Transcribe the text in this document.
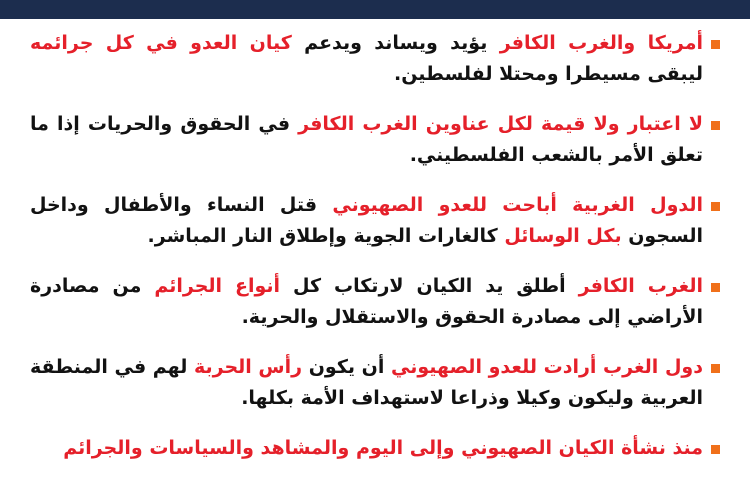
أمريكا والغرب الكافر يؤيد ويساند ويدعم كيان العدو في كل جرائمه ليبقى مسيطرا ومحتلا لفلسطين.
لا اعتبار ولا قيمة لكل عناوين الغرب الكافر في الحقوق والحريات إذا ما تعلق الأمر بالشعب الفلسطيني.
الدول الغربية أباحت للعدو الصهيوني قتل النساء والأطفال وداخل السجون بكل الوسائل كالغارات الجوية وإطلاق النار المباشر.
الغرب الكافر أطلق يد الكيان لارتكاب كل أنواع الجرائم من مصادرة الأراضي إلى مصادرة الحقوق والاستقلال والحرية.
دول الغرب أرادت للعدو الصهيوني أن يكون رأس الحربة لهم في المنطقة العربية وليكون وكيلا وذراعا لاستهداف الأمة بكلها.
منذ نشأة الكيان الصهيوني وإلى اليوم والمشاهد والسياسات والجرائم
